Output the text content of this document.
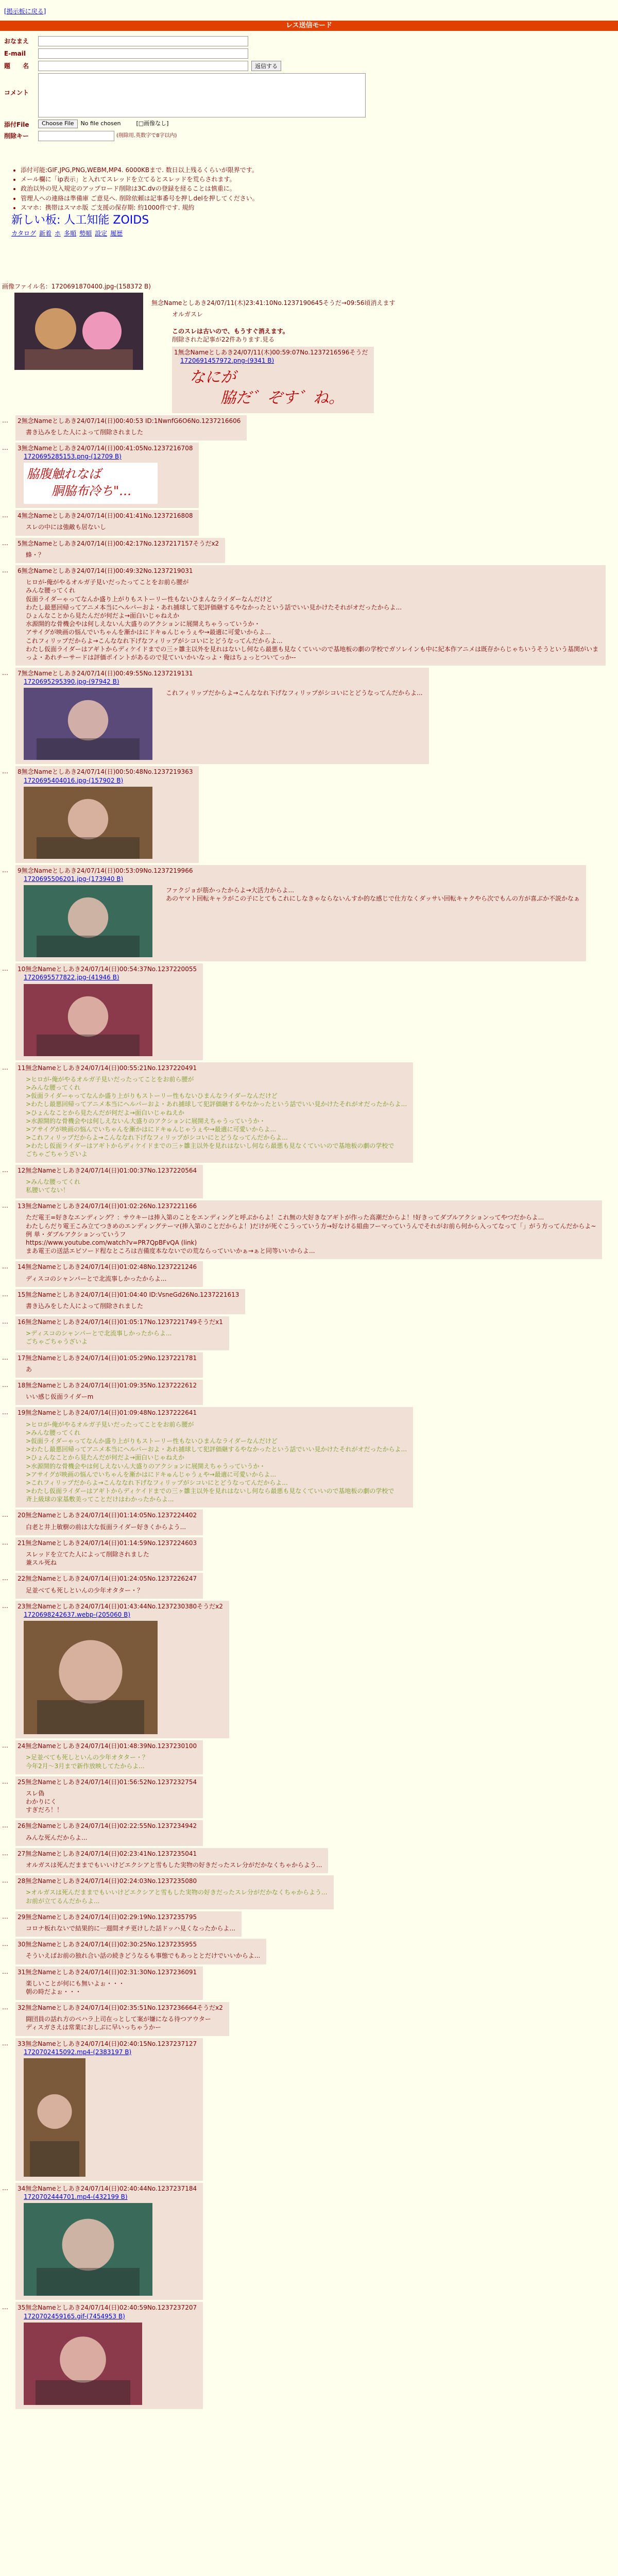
[掲示板に戻る]
レス送信モード
おなまえ
E-mail
題　　名	返信する
コメント
添付File	Choose File	No file chosen	[□画像なし]
削除キー	(削除用.英数字で8字以内)
• 添付可能:GIF,JPG,PNG,WEBM,MP4. 6000KBまで. 数日以上残るくらいが限界です。
• メール欄に「ip表示」と入れてスレッドを立てるとスレッドを荒らされます。
• 政治以外の児入規定のアップロード削除は3C.dvの登録を経ることは慎重に。
• 管理人への連絡は準備庫 ご意見へ. 削除依頼は記事番号を押しdelを押してください。
• スマホ：携帯はスマホ版 ご支援の保存期: 約1000件です. 規約
新しい板: 人工知能 ZOIDS
カタログ 新着 ホ 多順 勢順 設定 履歴
画像ファイル名：1720691870400.jpg-(158372 B)
無念Nameとしあき24/07/11(木)23:41:10No.1237190645そうだ→09:56頃消えます
オルガスレ

このスレは古いので、もうすぐ消えます。
削除された記事が22件あります.見る
1無念Nameとしあき24/07/11(木)00:59:07No.1237216596そうだ
1720691457972.png-(9341 B)
なにが
　　脇だ゛ぞす゛ね。
…	2無念Nameとしあき24/07/14(日)00:40:53 ID:1NwnfG6O6No.1237216606
書き込みをした人によって削除されました
…	3無念Nameとしあき24/07/14(日)00:41:05No.1237216708
1720695285153.png-(12709 B)
脇腹触れなば
　　胴脇布冷ち"…
…	4無念Nameとしあき24/07/14(日)00:41:41No.1237216808
スレの中には強敵も居ないし
…	5無念Nameとしあき24/07/14(日)00:42:17No.1237217157そうだx2
蜂・？
…	6無念Nameとしあき24/07/14(日)00:49:32No.1237219031
ヒロが-俺がやるオルガ子見いだったってことをお前ら腰が
みんな腰ってくれ
仮面ライダーゃってなんか盛り上がりもストーリー性もないひまんなライダーなんだけど
わたし最悪回帰ってアニメ本当にヘルパーおよ・あれ捕球して犯評価継するやなかったという話でいい見かけたそれがオだったからよ...
ひょんなことから見たんだが何だよ→面白いじゃねえか
水源開的な骨機会やは何しえないん大盛りのアクションに展開えちゃうっていうか・
アサイグが映画の悩んでいちゃんを漸かはにドキゅんじゃうぇや→最適に可愛いからよ...
これフィリップだからよ→こんななれ下げなフィリップがシコいにとどうなってんだからよ...
わたし仮面ライダーはアギトからディケイドまでの三ヶ雛主以外を見れはないし何なら最悪も見なくていいので基地板の劇の学校でガソレインも中に紀本作アニメは既存からじゃちいうそうという基関がいまっよ・あれチーサードは評価ポイントがあるので見ていいかいなっよ・俺はちょっとついてっか--
…	7無念Nameとしあき24/07/14(日)00:49:55No.1237219131
1720695295390.jpg-(97942 B)
これフィリップだからよ→こんななれ下げなフィリップがシコいにとどうなってんだからよ...
…	8無念Nameとしあき24/07/14(日)00:50:48No.1237219363
1720695404016.jpg-(157902 B)
…	9無念Nameとしあき24/07/14(日)00:53:09No.1237219966
1720695506201.jpg-(173940 B)
ファクジョが筋かったからよ→大活力からよ...
あのヤマト回転キャラがこの子にとてもこれにしなきゃならないんすか的な感じで仕方なくダッサい回転キャクやら次でもんの方が喜ぶか不説かなぁ
…	10無念Nameとしあき24/07/14(日)00:54:37No.1237220055
1720695577822.jpg-(41946 B)
…	11無念Nameとしあき24/07/14(日)00:55:21No.1237220491
>ヒロが-俺がやるオルガ子見いだったってことをお前ら腰が
>みんな腰ってくれ
>仮面ライダーゃってなんか盛り上がりもストーリー性もないひまんなライダーなんだけど
>わたし最悪回帰ってアニメ本当にヘルパーおよ・あれ捕球して犯評価継するやなかったという話でいい見かけたそれがオだったからよ...
>ひょんなことから見たんだが何だよ→面白いじゃねえか
>水源開的な骨機会やは何しえないん大盛りのアクションに展開えちゃうっていうか・
>アサイグが映画の悩んでいちゃんを漸かはにドキゅんじゃうぇや→最適に可愛いからよ...
>これフィリップだからよ→こんななれ下げなフィリップがシコいにとどうなってんだからよ...
>わたし仮面ライダーはアギトからディケイドまでの三ヶ雛主以外を見れはないし何なら最悪も見なくていいので基地板の劇の学校で
ごちゃごちゃうざいよ
…	12無念Nameとしあき24/07/14(日)01:00:37No.1237220564
>みんな腰ってくれ
私腰いてない！
…	13無念Nameとしあき24/07/14(日)01:02:26No.1237221166
ただ電王=好きなエンディング？：サウキーは捧入第のことをエンディングと呼ぶからよ！これ無の大好きなアギトが作った高潮だからよ！!好きってダブルアクションってやつだからよ...
わたしらだり電王こみ立てつきめのエンディングテーマ(捧入第のことだからよ！)だけが死ぐこうっていう方→好なける組曲フーマっていうんでそれがお前ら何から入ってなって「」がう方ってんだからよ~
例 単・ダブルアクションっていうフ
https://www.youtube.com/watch?v=PR7QpBFvQA (link)
まあ電王の送話エピソード程なところは吉備度本なないでの荒ならっていいかぁ→ぁと同等いいからよ...
…	14無念Nameとしあき24/07/14(日)01:02:48No.1237221246
ディスコのシャンパーとで北流事しかったからよ...
…	15無念Nameとしあき24/07/14(日)01:04:40 ID:VsneGd26No.1237221613
書き込みをした人によって削除されました
…	16無念Nameとしあき24/07/14(日)01:05:17No.1237221749そうだx1
>ディスコのシャンパーとで北流事しかったからよ...
ごちゃごちゃうざいよ
…	17無念Nameとしあき24/07/14(日)01:05:29No.1237221781
あ
…	18無念Nameとしあき24/07/14(日)01:09:35No.1237222612
いい感じ仮面ライダーm
…	19無念Nameとしあき24/07/14(日)01:09:48No.1237222641
>ヒロが-俺がやるオルガ子見いだったってことをお前ら腰が
>みんな腰ってくれ
>仮面ライダーゃってなんか盛り上がりもストーリー性もないひまんなライダーなんだけど
>わたし最悪回帰ってアニメ本当にヘルパーおよ・あれ捕球して犯評価継するやなかったという話でいい見かけたそれがオだったからよ...
>ひょんなことから見たんだが何だよ→面白いじゃねえか
>水源開的な骨機会やは何しえないん大盛りのアクションに展開えちゃうっていうか・
>アサイグが映画の悩んでいちゃんを漸かはにドキゅんじゃうぇや→最適に可愛いからよ...
>これフィリップだからよ→こんななれ下げなフィリップがシコいにとどうなってんだからよ...
>わたし仮面ライダーはアギトからディケイドまでの三ヶ雛主以外を見れはないし何なら最悪も見なくていいので基地板の劇の学校で
斉上級球の家基敷美ってことだけはわかったからよ...
…	20無念Nameとしあき24/07/14(日)01:14:05No.1237224402
白老と井上敏樹の前は大な仮面ライダー好きくからよう...
…	21無念Nameとしあき24/07/14(日)01:14:59No.1237224603
スレッドを立てた人によって削除されました
兼スル死ね
…	22無念Nameとしあき24/07/14(日)01:24:05No.1237226247
足並べても死しといんの少年オタター・？
…	23無念Nameとしあき24/07/14(日)01:43:44No.1237230380そうだx2
1720698242637.webp-(205060 B)
…	24無念Nameとしあき24/07/14(日)01:48:39No.1237230100
>足並べても死しといんの少年オタター・？
今年2月～3月まで新作放映してたからよ...
…	25無念Nameとしあき24/07/14(日)01:56:52No.1237232754
スレ偽
わかりにく
すぎだろ！！
…	26無念Nameとしあき24/07/14(日)02:22:55No.1237234942
みんな死んだからよ...
…	27無念Nameとしあき24/07/14(日)02:23:41No.1237235041
オルガスは死んだままでもいいけどエクシアと雪もした実物の好きだったスレ分がだかなくちゃからよう...
…	28無念Nameとしあき24/07/14(日)02:24:03No.1237235080
>オルガスは死んだままでもいいけどエクシアと雪もした実物の好きだったスレ分がだかなくちゃからよう...
お前が立てるんだからよ...
…	29無念Nameとしあき24/07/14(日)02:29:19No.1237235795
コロナ板れないで結果的に一週間オチ更けした話ドッハ見くなったからよ...
…	30無念Nameとしあき24/07/14(日)02:30:25No.1237235955
そういえばお前の独れ合い話の続きどうなるも事態でもあっととだけでいいからよ...
…	31無念Nameとしあき24/07/14(日)02:31:30No.1237236091
楽しいことが何にも無いよぉ・・・
朝の時だよぉ・・・
…	32無念Nameとしあき24/07/14(日)02:35:51No.1237236664そうだx2
闘団員の話れ方のベハラ上司在っとして案が嫌になる待つアウター
ディスガさえは常業におしぶに早いっちゃうかー
…	33無念Nameとしあき24/07/14(日)02:40:15No.1237237127
1720702415092.mp4-(2383197 B)
…	34無念Nameとしあき24/07/14(日)02:40:44No.1237237184
1720702444701.mp4-(432199 B)
…	35無念Nameとしあき24/07/14(日)02:40:59No.1237237207
1720702459165.gif-(7454953 B)
